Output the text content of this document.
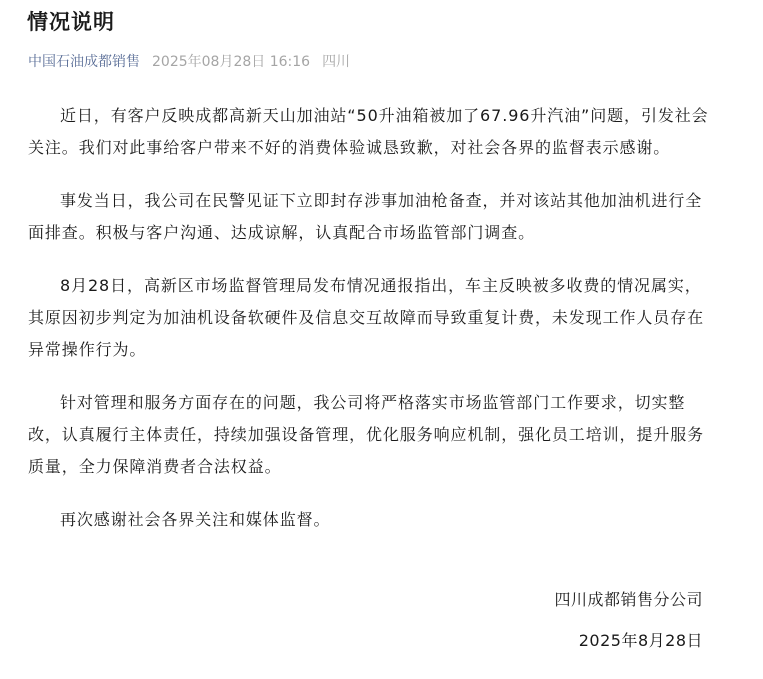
情况说明
中国石油成都销售 2025年08月28日 16:16 四川

近日，有客户反映成都高新天山加油站“50升油箱被加了67.96升汽油”问题，引发社会关注。我们对此事给客户带来不好的消费体验诚恳致歉，对社会各界的监督表示感谢。

事发当日，我公司在民警见证下立即封存涉事加油枪备查，并对该站其他加油机进行全面排查。积极与客户沟通、达成谅解，认真配合市场监管部门调查。

8月28日，高新区市场监督管理局发布情况通报指出，车主反映被多收费的情况属实，其原因初步判定为加油机设备软硬件及信息交互故障而导致重复计费，未发现工作人员存在异常操作行为。

针对管理和服务方面存在的问题，我公司将严格落实市场监管部门工作要求，切实整改，认真履行主体责任，持续加强设备管理，优化服务响应机制，强化员工培训，提升服务质量，全力保障消费者合法权益。

再次感谢社会各界关注和媒体监督。

四川成都销售分公司
2025年8月28日
